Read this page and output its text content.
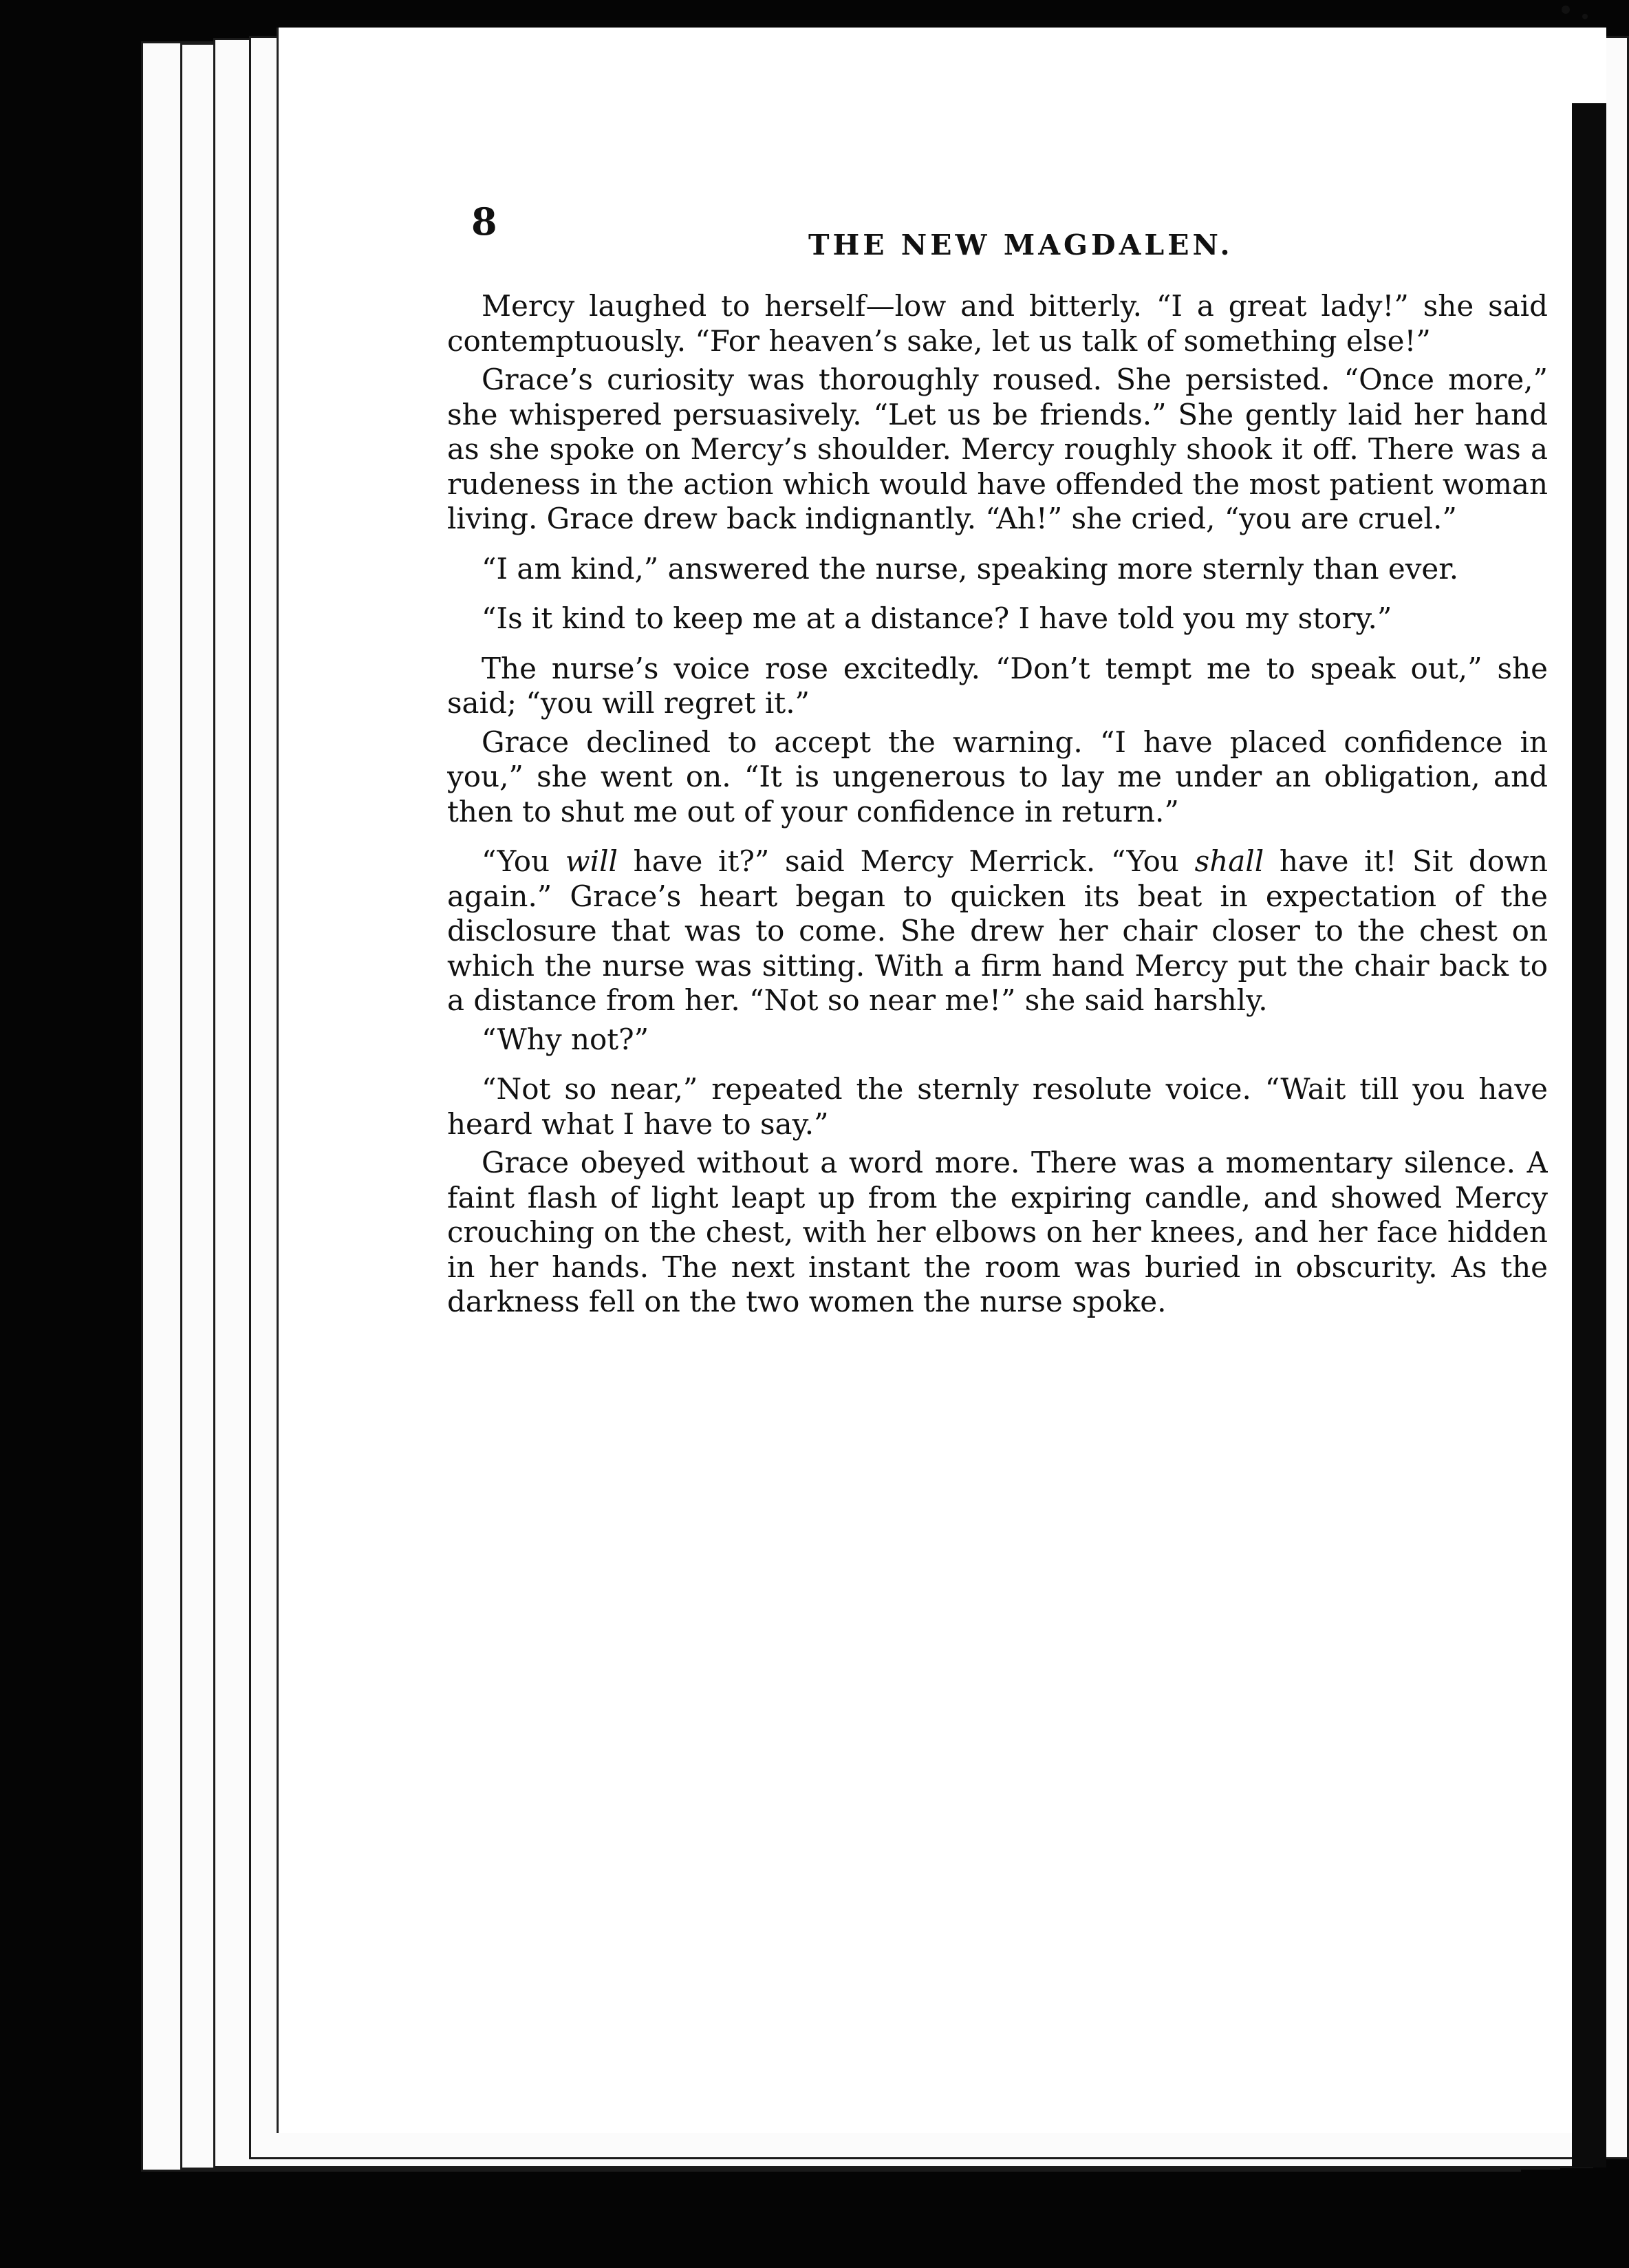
8
THE NEW MAGDALEN.

Mercy laughed to herself—low and bitterly. “I a great lady!” she said contemptuously. “For heaven’s sake, let us talk of something else!”

Grace’s curiosity was thoroughly roused. She persisted. “Once more,” she whispered persuasively. “Let us be friends.” She gently laid her hand as she spoke on Mercy’s shoulder. Mercy roughly shook it off. There was a rudeness in the action which would have offended the most patient woman living. Grace drew back indignantly. “Ah!” she cried, “you are cruel.”

“I am kind,” answered the nurse, speaking more sternly than ever.

“Is it kind to keep me at a distance? I have told you my story.”

The nurse’s voice rose excitedly. “Don’t tempt me to speak out,” she said; “you will regret it.”

Grace declined to accept the warning. “I have placed confidence in you,” she went on. “It is ungenerous to lay me under an obligation, and then to shut me out of your confidence in return.”

“You will have it?” said Mercy Merrick. “You shall have it! Sit down again.” Grace’s heart began to quicken its beat in expectation of the disclosure that was to come. She drew her chair closer to the chest on which the nurse was sitting. With a firm hand Mercy put the chair back to a distance from her. “Not so near me!” she said harshly.

“Why not?”

“Not so near,” repeated the sternly resolute voice. “Wait till you have heard what I have to say.”

Grace obeyed without a word more. There was a momentary silence. A faint flash of light leapt up from the expiring candle, and showed Mercy crouching on the chest, with her elbows on her knees, and her face hidden in her hands. The next instant the room was buried in obscurity. As the darkness fell on the two women the nurse spoke.
